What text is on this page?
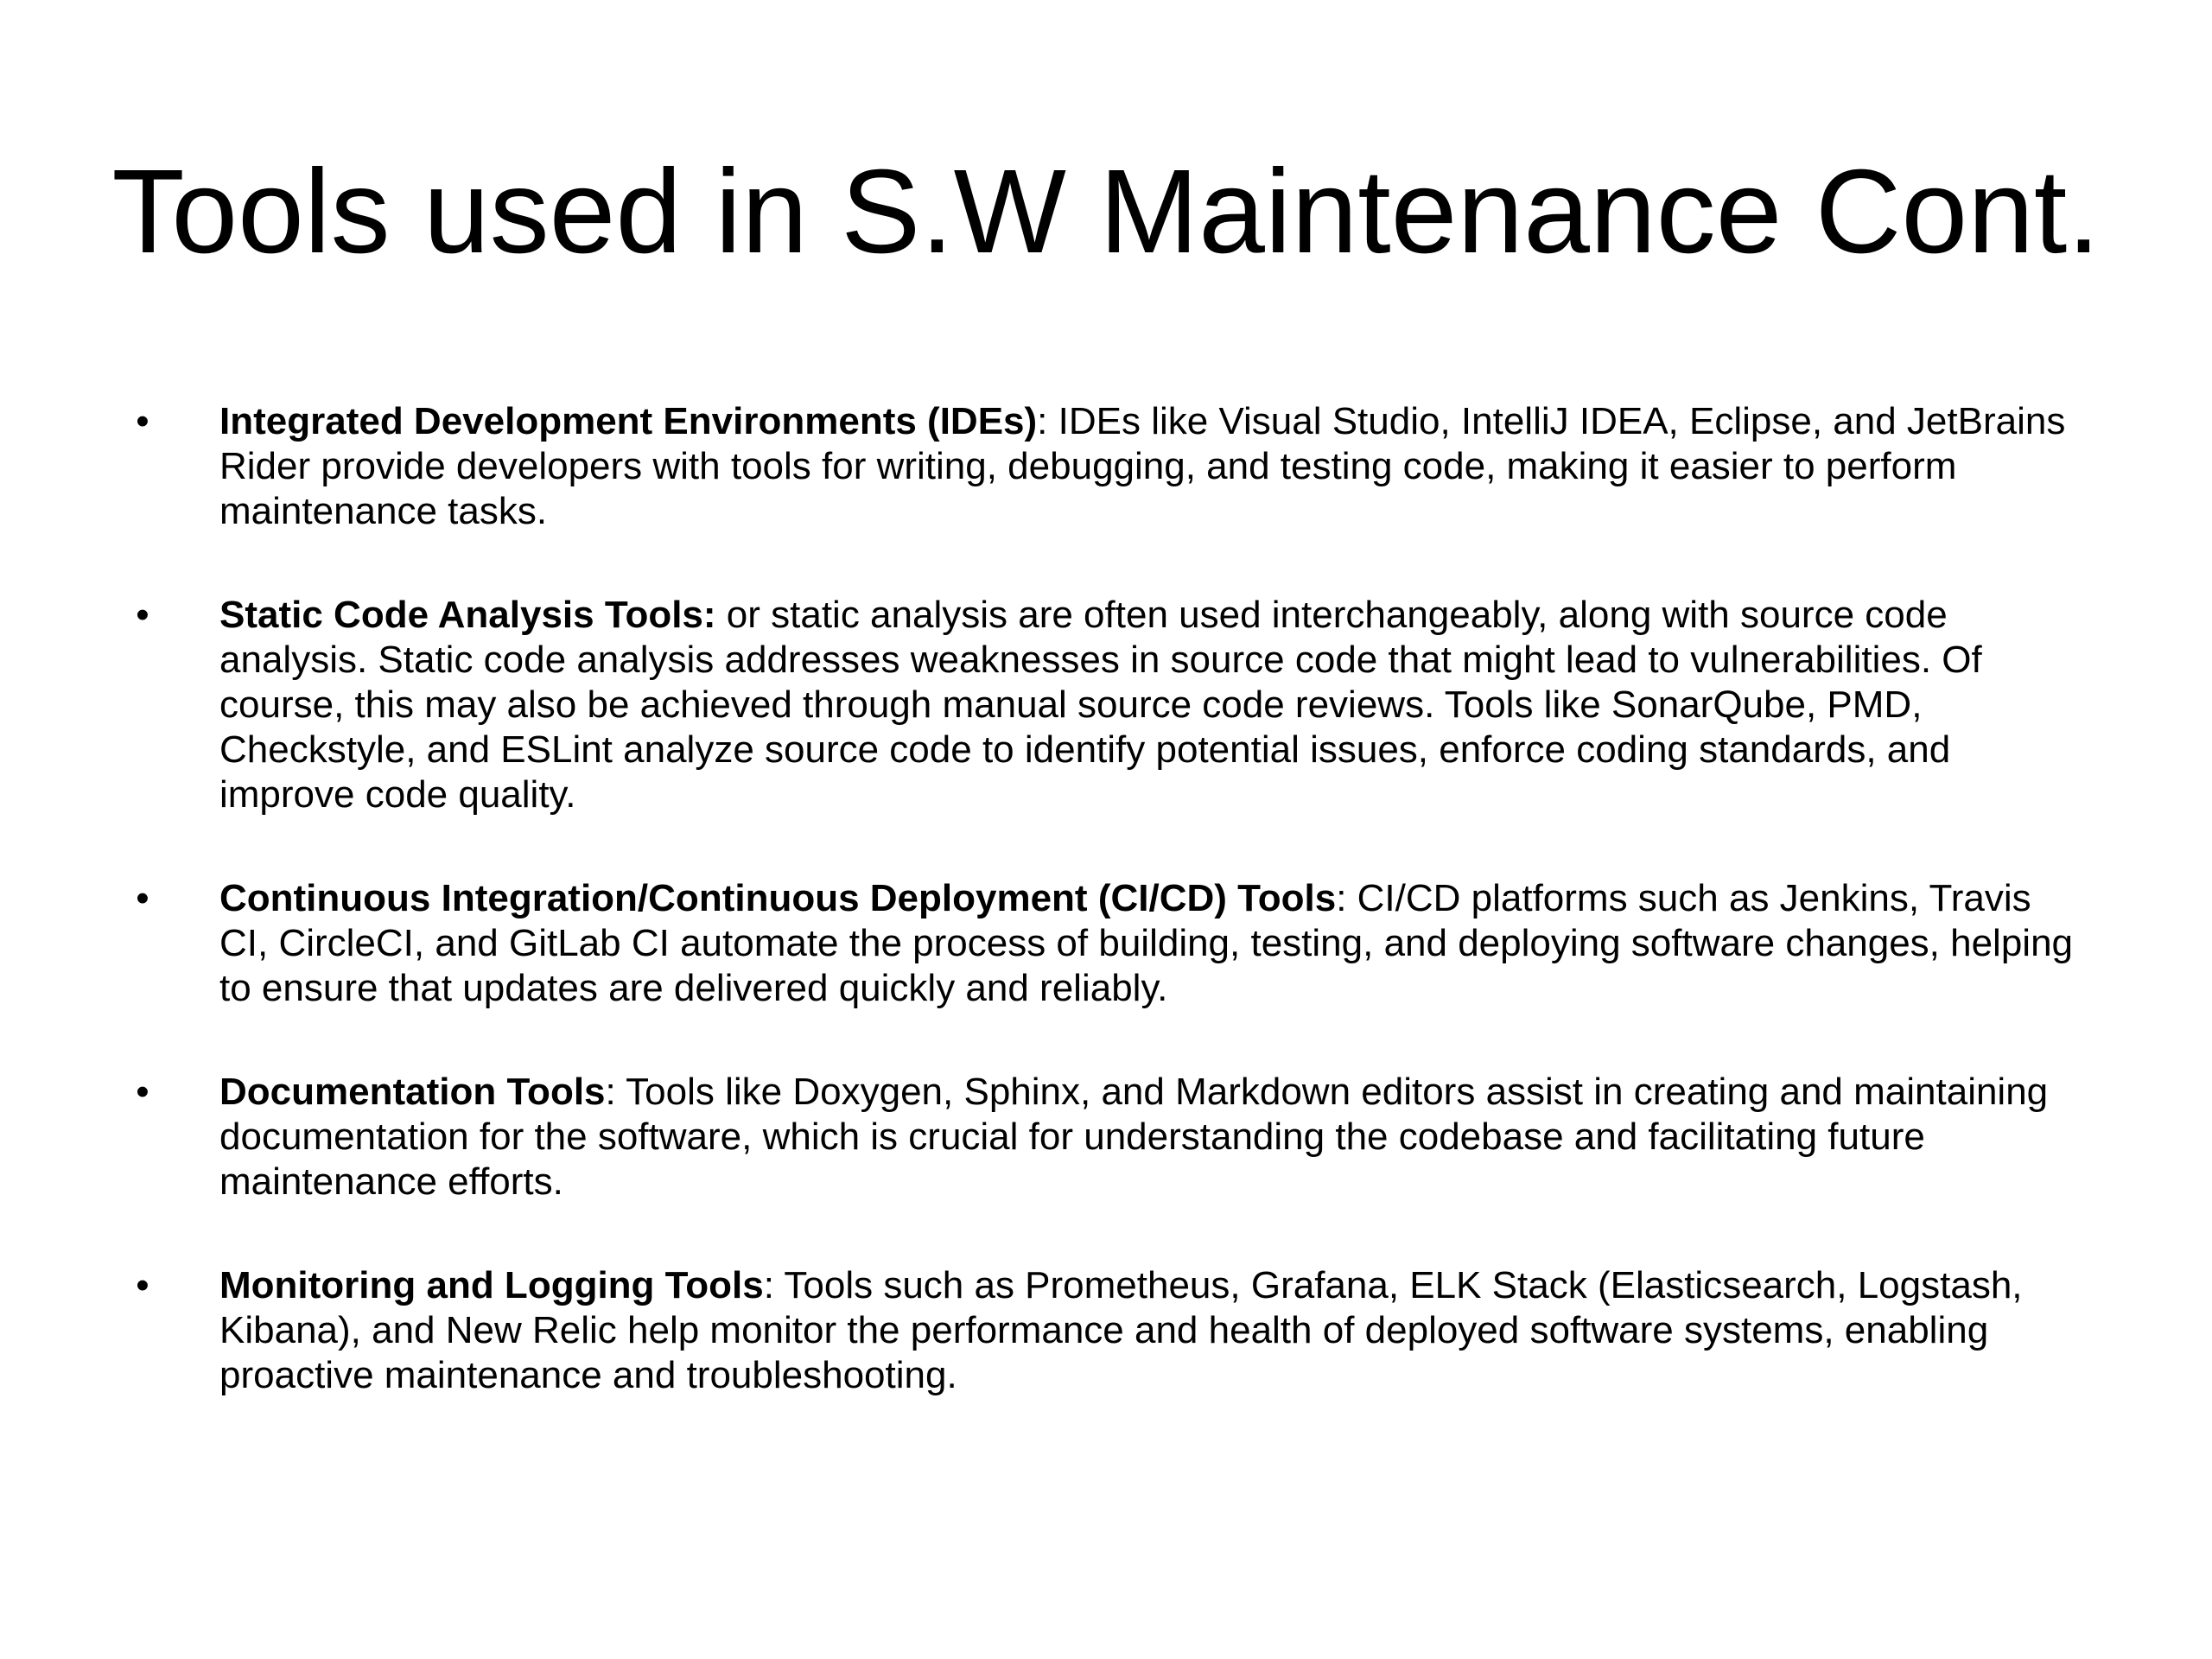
Tools used in S.W Maintenance Cont.
• Integrated Development Environments (IDEs): IDEs like Visual Studio, IntelliJ IDEA, Eclipse, and JetBrains Rider provide developers with tools for writing, debugging, and testing code, making it easier to perform maintenance tasks.
• Static Code Analysis Tools: or static analysis are often used interchangeably, along with source code analysis. Static code analysis addresses weaknesses in source code that might lead to vulnerabilities. Of course, this may also be achieved through manual source code reviews. Tools like SonarQube, PMD, Checkstyle, and ESLint analyze source code to identify potential issues, enforce coding standards, and improve code quality.
• Continuous Integration/Continuous Deployment (CI/CD) Tools: CI/CD platforms such as Jenkins, Travis CI, CircleCI, and GitLab CI automate the process of building, testing, and deploying software changes, helping to ensure that updates are delivered quickly and reliably.
• Documentation Tools: Tools like Doxygen, Sphinx, and Markdown editors assist in creating and maintaining documentation for the software, which is crucial for understanding the codebase and facilitating future maintenance efforts.
• Monitoring and Logging Tools: Tools such as Prometheus, Grafana, ELK Stack (Elasticsearch, Logstash, Kibana), and New Relic help monitor the performance and health of deployed software systems, enabling proactive maintenance and troubleshooting.
